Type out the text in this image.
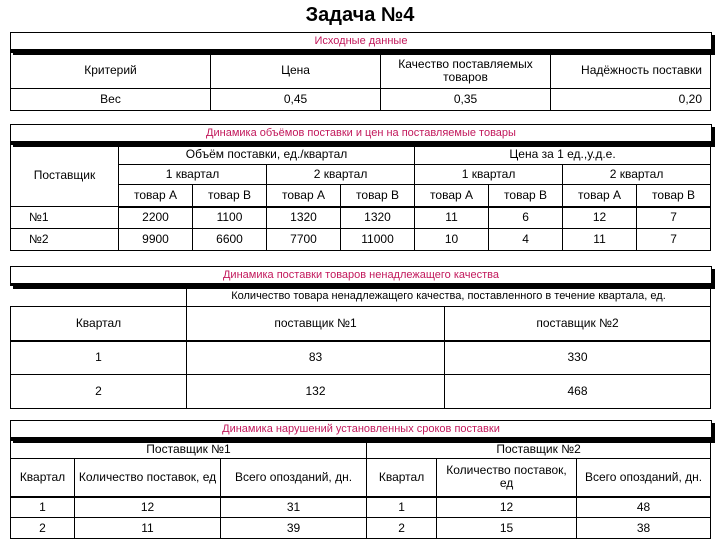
Задача №4
Исходные данные
Критерий	Цена	Качество поставляемых товаров	Надёжность поставки
Вес	0,45	0,35	0,20
Динамика объёмов поставки и цен на поставляемые товары
Поставщик	Объём поставки, ед./квартал				Цена за 1 ед.,у.д.е.			
	1 квартал		2 квартал		1 квартал		2 квартал	
	товар А	товар В	товар А	товар В	товар А	товар В	товар А	товар В
№1	2200	1100	1320	1320	11	6	12	7
№2	9900	6600	7700	11000	10	4	11	7
Динамика поставки товаров ненадлежащего качества
	Количество товара ненадлежащего качества, поставленного в течение квартала, ед.	
Квартал	поставщик №1	поставщик №2
1	83	330
2	132	468
Динамика нарушений установленных сроков поставки
Поставщик №1			Поставщик №2		
Квартал	Количество поставок, ед	Всего опозданий, дн.	Квартал	Количество поставок, ед	Всего опозданий, дн.
1	12	31	1	12	48
2	11	39	2	15	38
